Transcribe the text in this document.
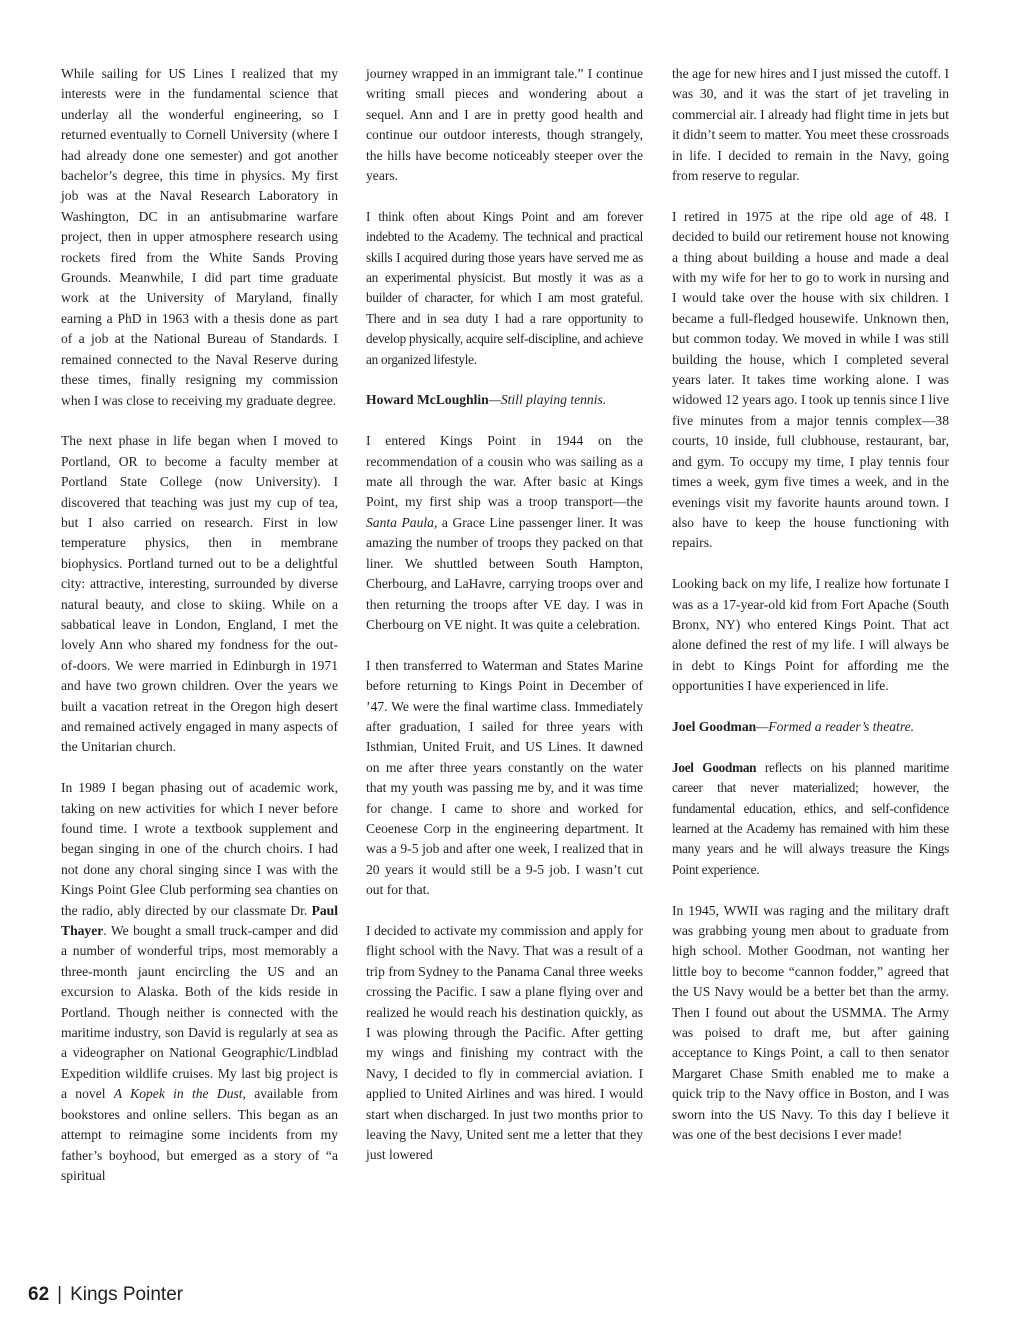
While sailing for US Lines I realized that my interests were in the fundamental science that underlay all the wonderful engineering, so I returned eventually to Cornell University (where I had already done one semester) and got another bachelor’s degree, this time in physics. My first job was at the Naval Research Laboratory in Washington, DC in an antisubmarine warfare project, then in upper atmosphere research using rockets fired from the White Sands Proving Grounds. Meanwhile, I did part time graduate work at the University of Maryland, finally earning a PhD in 1963 with a thesis done as part of a job at the National Bureau of Standards. I remained connected to the Naval Reserve during these times, finally resigning my commission when I was close to receiving my graduate degree.

The next phase in life began when I moved to Portland, OR to become a faculty member at Portland State College (now University). I discovered that teaching was just my cup of tea, but I also carried on research. First in low temperature physics, then in membrane biophysics. Portland turned out to be a delightful city: attractive, interesting, surrounded by diverse natural beauty, and close to skiing. While on a sabbatical leave in London, England, I met the lovely Ann who shared my fondness for the out-of-doors. We were married in Edinburgh in 1971 and have two grown children. Over the years we built a vacation retreat in the Oregon high desert and remained actively engaged in many aspects of the Unitarian church.

In 1989 I began phasing out of academic work, taking on new activities for which I never before found time. I wrote a textbook supplement and began singing in one of the church choirs. I had not done any choral singing since I was with the Kings Point Glee Club performing sea chanties on the radio, ably directed by our classmate Dr. Paul Thayer. We bought a small truck-camper and did a number of wonderful trips, most memorably a three-month jaunt encircling the US and an excursion to Alaska. Both of the kids reside in Portland. Though neither is connected with the maritime industry, son David is regularly at sea as a videographer on National Geographic/Lindblad Expedition wildlife cruises. My last big project is a novel A Kopek in the Dust, available from bookstores and online sellers. This began as an attempt to reimagine some incidents from my father’s boyhood, but emerged as a story of “a spiritual

journey wrapped in an immigrant tale.” I continue writing small pieces and wondering about a sequel. Ann and I are in pretty good health and continue our outdoor interests, though strangely, the hills have become noticeably steeper over the years.

I think often about Kings Point and am forever indebted to the Academy. The technical and practical skills I acquired during those years have served me as an experimental physicist. But mostly it was as a builder of character, for which I am most grateful. There and in sea duty I had a rare opportunity to develop physically, acquire self-discipline, and achieve an organized lifestyle.

Howard McLoughlin—Still playing tennis.

I entered Kings Point in 1944 on the recommendation of a cousin who was sailing as a mate all through the war. After basic at Kings Point, my first ship was a troop transport—the Santa Paula, a Grace Line passenger liner. It was amazing the number of troops they packed on that liner. We shuttled between South Hampton, Cherbourg, and LaHavre, carrying troops over and then returning the troops after VE day. I was in Cherbourg on VE night. It was quite a celebration.

I then transferred to Waterman and States Marine before returning to Kings Point in December of ’47. We were the final wartime class. Immediately after graduation, I sailed for three years with Isthmian, United Fruit, and US Lines. It dawned on me after three years constantly on the water that my youth was passing me by, and it was time for change. I came to shore and worked for Ceoenese Corp in the engineering department. It was a 9-5 job and after one week, I realized that in 20 years it would still be a 9-5 job. I wasn’t cut out for that.

I decided to activate my commission and apply for flight school with the Navy. That was a result of a trip from Sydney to the Panama Canal three weeks crossing the Pacific. I saw a plane flying over and realized he would reach his destination quickly, as I was plowing through the Pacific. After getting my wings and finishing my contract with the Navy, I decided to fly in commercial aviation. I applied to United Airlines and was hired. I would start when discharged. In just two months prior to leaving the Navy, United sent me a letter that they just lowered

the age for new hires and I just missed the cutoff. I was 30, and it was the start of jet traveling in commercial air. I already had flight time in jets but it didn’t seem to matter. You meet these crossroads in life. I decided to remain in the Navy, going from reserve to regular.

I retired in 1975 at the ripe old age of 48. I decided to build our retirement house not knowing a thing about building a house and made a deal with my wife for her to go to work in nursing and I would take over the house with six children. I became a full-fledged housewife. Unknown then, but common today. We moved in while I was still building the house, which I completed several years later. It takes time working alone. I was widowed 12 years ago. I took up tennis since I live five minutes from a major tennis complex—38 courts, 10 inside, full clubhouse, restaurant, bar, and gym. To occupy my time, I play tennis four times a week, gym five times a week, and in the evenings visit my favorite haunts around town. I also have to keep the house functioning with repairs.

Looking back on my life, I realize how fortunate I was as a 17-year-old kid from Fort Apache (South Bronx, NY) who entered Kings Point. That act alone defined the rest of my life. I will always be in debt to Kings Point for affording me the opportunities I have experienced in life.

Joel Goodman—Formed a reader’s theatre.

Joel Goodman reflects on his planned maritime career that never materialized; however, the fundamental education, ethics, and self-confidence learned at the Academy has remained with him these many years and he will always treasure the Kings Point experience.

In 1945, WWII was raging and the military draft was grabbing young men about to graduate from high school. Mother Goodman, not wanting her little boy to become “cannon fodder,” agreed that the US Navy would be a better bet than the army. Then I found out about the USMMA. The Army was poised to draft me, but after gaining acceptance to Kings Point, a call to then senator Margaret Chase Smith enabled me to make a quick trip to the Navy office in Boston, and I was sworn into the US Navy. To this day I believe it was one of the best decisions I ever made!

62 | Kings Pointer
